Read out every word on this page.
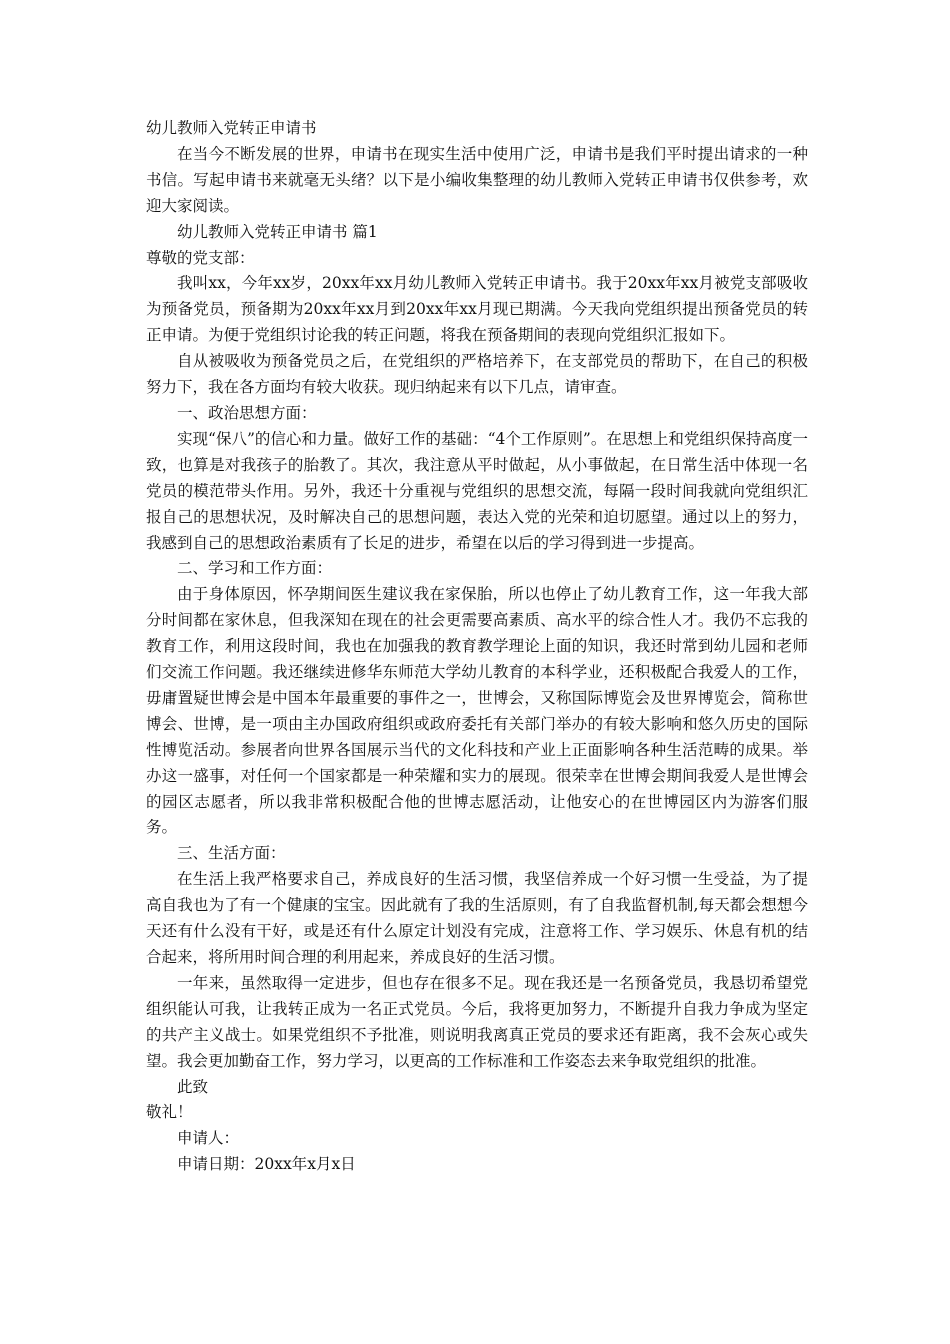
幼儿教师入党转正申请书

在当今不断发展的世界，申请书在现实生活中使用广泛，申请书是我们平时提出请求的一种书信。写起申请书来就毫无头绪？以下是小编收集整理的幼儿教师入党转正申请书仅供参考，欢迎大家阅读。

幼儿教师入党转正申请书 篇1

尊敬的党支部：

我叫xx，今年xx岁，20xx年xx月幼儿教师入党转正申请书。我于20xx年xx月被党支部吸收为预备党员，预备期为20xx年xx月到20xx年xx月现已期满。今天我向党组织提出预备党员的转正申请。为便于党组织讨论我的转正问题，将我在预备期间的表现向党组织汇报如下。

自从被吸收为预备党员之后，在党组织的严格培养下，在支部党员的帮助下，在自己的积极努力下，我在各方面均有较大收获。现归纳起来有以下几点，请审查。

一、政治思想方面：

实现“保八”的信心和力量。做好工作的基础：“4个工作原则”。在思想上和党组织保持高度一致，也算是对我孩子的胎教了。其次，我注意从平时做起，从小事做起，在日常生活中体现一名党员的模范带头作用。另外，我还十分重视与党组织的思想交流，每隔一段时间我就向党组织汇报自己的思想状况，及时解决自己的思想问题，表达入党的光荣和迫切愿望。通过以上的努力，我感到自己的思想政治素质有了长足的进步，希望在以后的学习得到进一步提高。

二、学习和工作方面：

由于身体原因，怀孕期间医生建议我在家保胎，所以也停止了幼儿教育工作，这一年我大部分时间都在家休息，但我深知在现在的社会更需要高素质、高水平的综合性人才。我仍不忘我的教育工作，利用这段时间，我也在加强我的教育教学理论上面的知识，我还时常到幼儿园和老师们交流工作问题。我还继续进修华东师范大学幼儿教育的本科学业，还积极配合我爱人的工作，毋庸置疑世博会是中国本年最重要的事件之一，世博会，又称国际博览会及世界博览会，简称世博会、世博，是一项由主办国政府组织或政府委托有关部门举办的有较大影响和悠久历史的国际性博览活动。参展者向世界各国展示当代的文化科技和产业上正面影响各种生活范畴的成果。举办这一盛事，对任何一个国家都是一种荣耀和实力的展现。很荣幸在世博会期间我爱人是世博会的园区志愿者，所以我非常积极配合他的世博志愿活动，让他安心的在世博园区内为游客们服务。

三、生活方面：

在生活上我严格要求自己，养成良好的生活习惯，我坚信养成一个好习惯一生受益，为了提高自我也为了有一个健康的宝宝。因此就有了我的生活原则，有了自我监督机制,每天都会想想今天还有什么没有干好，或是还有什么原定计划没有完成，注意将工作、学习娱乐、休息有机的结合起来，将所用时间合理的利用起来，养成良好的生活习惯。

一年来，虽然取得一定进步，但也存在很多不足。现在我还是一名预备党员，我恳切希望党组织能认可我，让我转正成为一名正式党员。今后，我将更加努力，不断提升自我力争成为坚定的共产主义战士。如果党组织不予批准，则说明我离真正党员的要求还有距离，我不会灰心或失望。我会更加勤奋工作，努力学习，以更高的工作标准和工作姿态去来争取党组织的批准。

此致

敬礼！

申请人：

申请日期：20xx年x月x日
